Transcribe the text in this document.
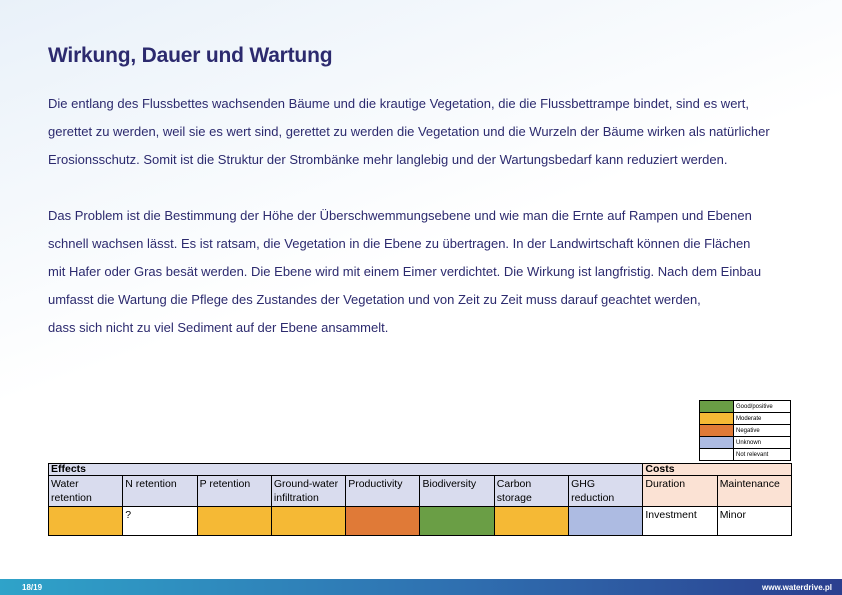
Wirkung, Dauer und Wartung
Die entlang des Flussbettes wachsenden Bäume und die krautige Vegetation, die die Flussbettrampe bindet, sind es wert,
gerettet zu werden, weil sie es wert sind, gerettet zu werden die Vegetation und die Wurzeln der Bäume wirken als natürlicher
Erosionsschutz. Somit ist die Struktur der Strombänke mehr langlebig und der Wartungsbedarf kann reduziert werden.
Das Problem ist die Bestimmung der Höhe der Überschwemmungsebene und wie man die Ernte auf Rampen und Ebenen
schnell wachsen lässt. Es ist ratsam, die Vegetation in die Ebene zu übertragen. In der Landwirtschaft können die Flächen
mit Hafer oder Gras besät werden. Die Ebene wird mit einem Eimer verdichtet. Die Wirkung ist langfristig. Nach dem Einbau
umfasst die Wartung die Pflege des Zustandes der Vegetation und von Zeit zu Zeit muss darauf geachtet werden,
dass sich nicht zu viel Sediment auf der Ebene ansammelt.
	Good/positive
	Moderate
	Negative
	Unknown
	Not relevant
Effects								Costs	
Water retention	N retention	P retention	Ground-water infiltration	Productivity	Biodiversity	Carbon storage	GHG reduction	Duration	Maintenance
	?							Investment	Minor
18/19	www.waterdrive.pl
